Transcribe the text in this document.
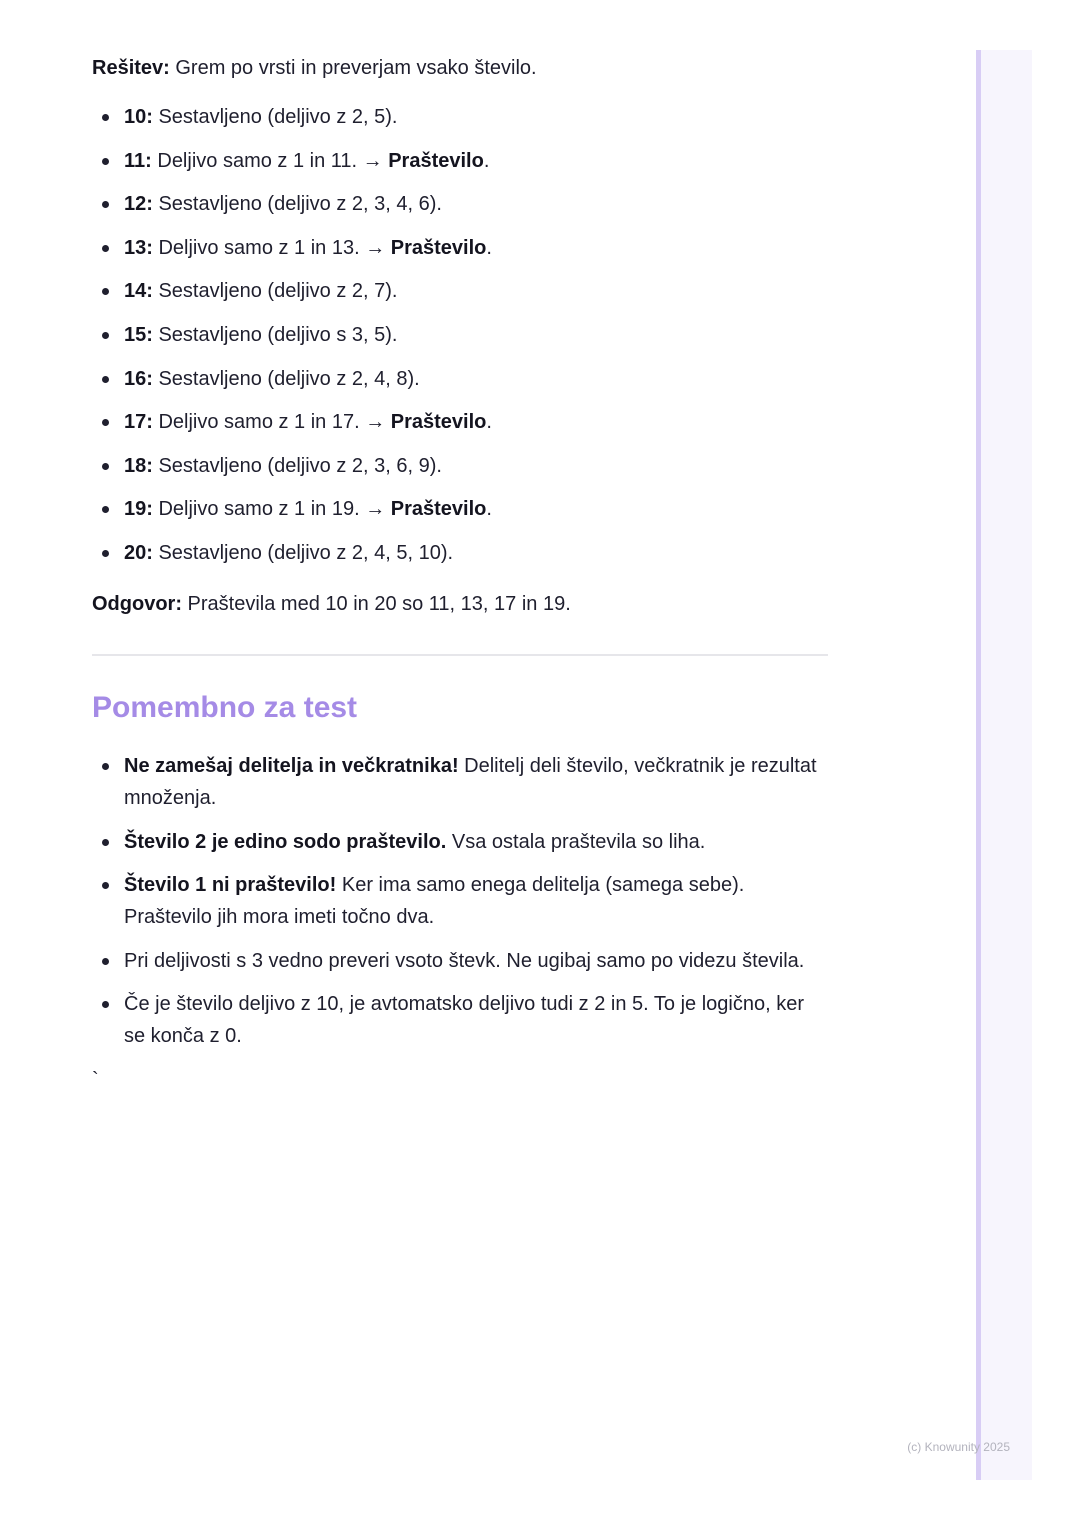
Rešitev: Grem po vrsti in preverjam vsako število.

10: Sestavljeno (deljivo z 2, 5).
11: Deljivo samo z 1 in 11. → Praštevilo.
12: Sestavljeno (deljivo z 2, 3, 4, 6).
13: Deljivo samo z 1 in 13. → Praštevilo.
14: Sestavljeno (deljivo z 2, 7).
15: Sestavljeno (deljivo s 3, 5).
16: Sestavljeno (deljivo z 2, 4, 8).
17: Deljivo samo z 1 in 17. → Praštevilo.
18: Sestavljeno (deljivo z 2, 3, 6, 9).
19: Deljivo samo z 1 in 19. → Praštevilo.
20: Sestavljeno (deljivo z 2, 4, 5, 10).

Odgovor: Praštevila med 10 in 20 so 11, 13, 17 in 19.

Pomembno za test
Ne zamešaj delitelja in večkratnika! Delitelj deli število, večkratnik je rezultat množenja.
Število 2 je edino sodo praštevilo. Vsa ostala praštevila so liha.
Število 1 ni praštevilo! Ker ima samo enega delitelja (samega sebe). Praštevilo jih mora imeti točno dva.
Pri deljivosti s 3 vedno preveri vsoto števk. Ne ugibaj samo po videzu števila.
Če je število deljivo z 10, je avtomatsko deljivo tudi z 2 in 5. To je logično, ker se konča z 0.
`
(c) Knowunity 2025
